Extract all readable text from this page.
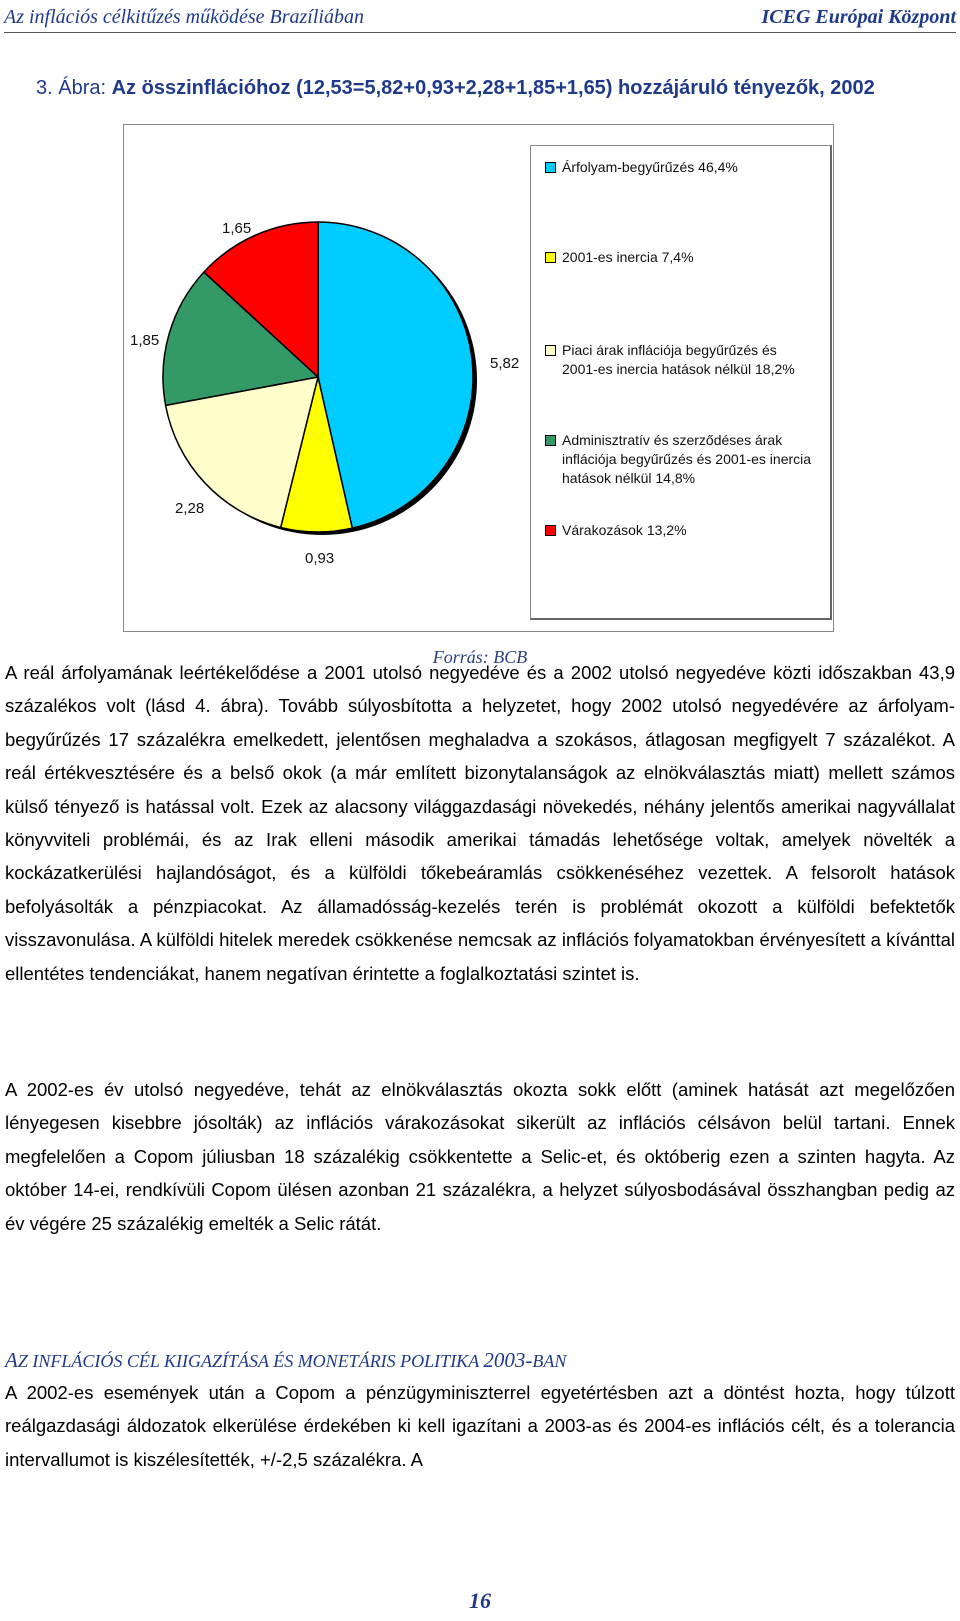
Az inflációs célkitűzés működése Brazíliában	ICEG Európai Központ
3. Ábra: Az összinflációhoz (12,53=5,82+0,93+2,28+1,85+1,65) hozzájáruló tényezők, 2002
5,82
0,93
2,28
1,85
1,65
Árfolyam-begyűrűzés 46,4%
2001-es inercia 7,4%
Piaci árak inflációja begyűrűzés és 2001-es inercia hatások nélkül 18,2%
Adminisztratív és szerződéses árak inflációja begyűrűzés és 2001-es inercia hatások nélkül 14,8%
Várakozások 13,2%
Forrás: BCB

A reál árfolyamának leértékelődése a 2001 utolsó negyedéve és a 2002 utolsó negyedéve közti időszakban 43,9 százalékos volt (lásd 4. ábra). Tovább súlyosbította a helyzetet, hogy 2002 utolsó negyedévére az árfolyam-begyűrűzés 17 százalékra emelkedett, jelentősen meghaladva a szokásos, átlagosan megfigyelt 7 százalékot. A reál értékvesztésére és a belső okok (a már említett bizonytalanságok az elnökválasztás miatt) mellett számos külső tényező is hatással volt. Ezek az alacsony világgazdasági növekedés, néhány jelentős amerikai nagyvállalat könyvviteli problémái, és az Irak elleni második amerikai támadás lehetősége voltak, amelyek növelték a kockázatkerülési hajlandóságot, és a külföldi tőkebeáramlás csökkenéséhez vezettek. A felsorolt hatások befolyásolták a pénzpiacokat. Az államadósság-kezelés terén is problémát okozott a külföldi befektetők visszavonulása. A külföldi hitelek meredek csökkenése nemcsak az inflációs folyamatokban érvényesített a kívánttal ellentétes tendenciákat, hanem negatívan érintette a foglalkoztatási szintet is.

A 2002-es év utolsó negyedéve, tehát az elnökválasztás okozta sokk előtt (aminek hatását azt megelőzően lényegesen kisebbre jósolták) az inflációs várakozásokat sikerült az inflációs célsávon belül tartani. Ennek megfelelően a Copom júliusban 18 százalékig csökkentette a Selic-et, és októberig ezen a szinten hagyta. Az október 14-ei, rendkívüli Copom ülésen azonban 21 százalékra, a helyzet súlyosbodásával összhangban pedig az év végére 25 százalékig emelték a Selic rátát.

AZ INFLÁCIÓS CÉL KIIGAZÍTÁSA ÉS MONETÁRIS POLITIKA 2003-BAN

A 2002-es események után a Copom a pénzügyminiszterrel egyetértésben azt a döntést hozta, hogy túlzott reálgazdasági áldozatok elkerülése érdekében ki kell igazítani a 2003-as és 2004-es inflációs célt, és a tolerancia intervallumot is kiszélesítették, +/-2,5 százalékra. A

16
